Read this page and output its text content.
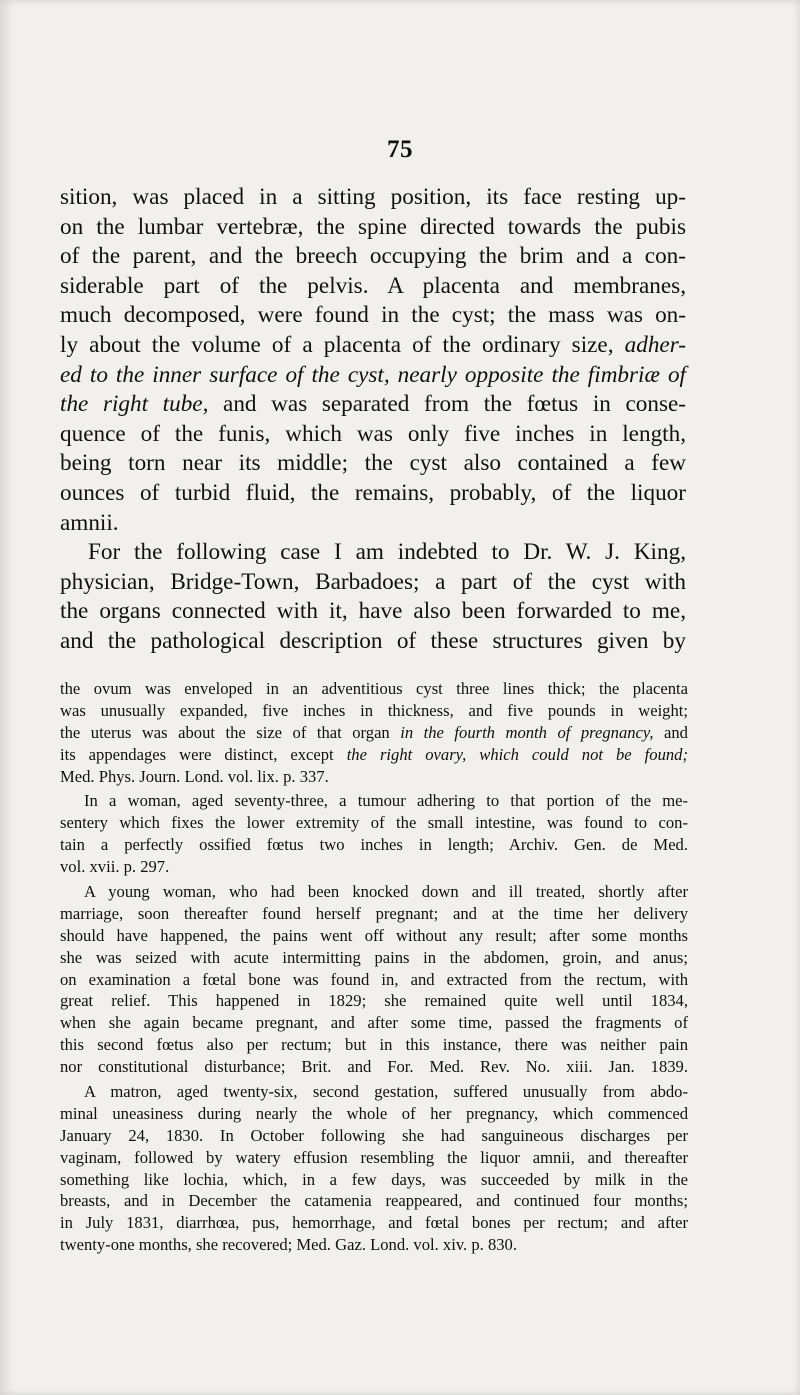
75
sition, was placed in a sitting position, its face resting up-
on the lumbar vertebræ, the spine directed towards the pubis
of the parent, and the breech occupying the brim and a con-
siderable part of the pelvis. A placenta and membranes,
much decomposed, were found in the cyst; the mass was on-
ly about the volume of a placenta of the ordinary size, adher-
ed to the inner surface of the cyst, nearly opposite the fimbriæ of
the right tube, and was separated from the fœtus in conse-
quence of the funis, which was only five inches in length,
being torn near its middle; the cyst also contained a few
ounces of turbid fluid, the remains, probably, of the liquor
amnii.
For the following case I am indebted to Dr. W. J. King,
physician, Bridge-Town, Barbadoes; a part of the cyst with
the organs connected with it, have also been forwarded to me,
and the pathological description of these structures given by
the ovum was enveloped in an adventitious cyst three lines thick; the placenta
was unusually expanded, five inches in thickness, and five pounds in weight;
the uterus was about the size of that organ in the fourth month of pregnancy, and
its appendages were distinct, except the right ovary, which could not be found;
Med. Phys. Journ. Lond. vol. lix. p. 337.
In a woman, aged seventy-three, a tumour adhering to that portion of the me-
sentery which fixes the lower extremity of the small intestine, was found to con-
tain a perfectly ossified fœtus two inches in length; Archiv. Gen. de Med.
vol. xvii. p. 297.
A young woman, who had been knocked down and ill treated, shortly after
marriage, soon thereafter found herself pregnant; and at the time her delivery
should have happened, the pains went off without any result; after some months
she was seized with acute intermitting pains in the abdomen, groin, and anus;
on examination a fœtal bone was found in, and extracted from the rectum, with
great relief. This happened in 1829; she remained quite well until 1834,
when she again became pregnant, and after some time, passed the fragments of
this second fœtus also per rectum; but in this instance, there was neither pain
nor constitutional disturbance; Brit. and For. Med. Rev. No. xiii. Jan. 1839.
A matron, aged twenty-six, second gestation, suffered unusually from abdo-
minal uneasiness during nearly the whole of her pregnancy, which commenced
January 24, 1830. In October following she had sanguineous discharges per
vaginam, followed by watery effusion resembling the liquor amnii, and thereafter
something like lochia, which, in a few days, was succeeded by milk in the
breasts, and in December the catamenia reappeared, and continued four months;
in July 1831, diarrhœa, pus, hemorrhage, and fœtal bones per rectum; and after
twenty-one months, she recovered; Med. Gaz. Lond. vol. xiv. p. 830.
